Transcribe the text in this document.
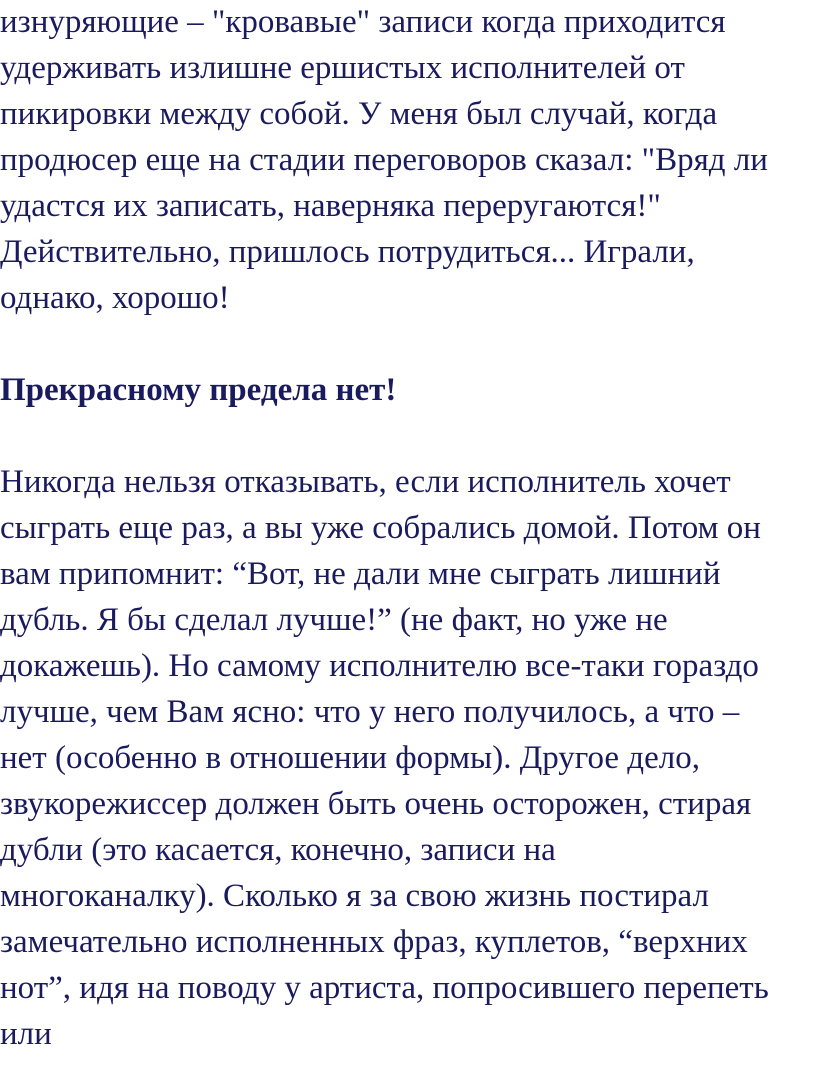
изнуряющие – "кровавые" записи когда приходится

удерживать излишне ершистых исполнителей от

пикировки между собой. У меня был случай, когда

продюсер еще на стадии переговоров сказал: "Вряд ли

удастся их записать, наверняка переругаются!"

Действительно, пришлось потрудиться... Играли,

однако, хорошо!

Прекрасному предела нет!

Никогда нельзя отказывать, если исполнитель хочет

сыграть еще раз, а вы уже собрались домой. Потом он

вам припомнит: “Вот, не дали мне сыграть лишний

дубль. Я бы сделал лучше!” (не факт, но уже не

докажешь). Но самому исполнителю все-таки гораздо

лучше, чем Вам ясно: что у него получилось, а что –

нет (особенно в отношении формы). Другое дело,

звукорежиссер должен быть очень осторожен, стирая

дубли (это касается, конечно, записи на

многоканалку). Сколько я за свою жизнь постирал

замечательно исполненных фраз, куплетов, “верхних

нот”, идя на поводу у артиста, попросившего перепеть

или
